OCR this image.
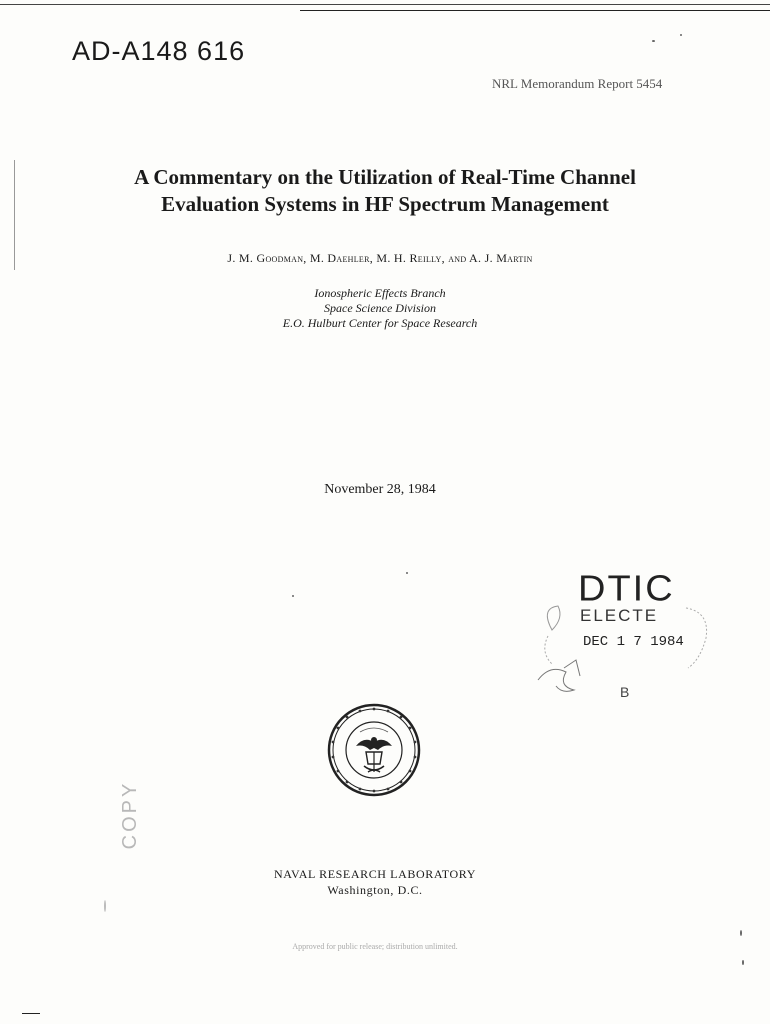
AD-A148 616
NRL Memorandum Report 5454
A Commentary on the Utilization of Real-Time Channel
Evaluation Systems in HF Spectrum Management
J. M. Goodman, M. Daehler, M. H. Reilly, and A. J. Martin
Ionospheric Effects Branch
Space Science Division
E.O. Hulburt Center for Space Research
November 28, 1984
DTIC
ELECTE
DEC 1 7 1984
B
COPY
NAVAL RESEARCH LABORATORY
Washington, D.C.
Approved for public release; distribution unlimited.
